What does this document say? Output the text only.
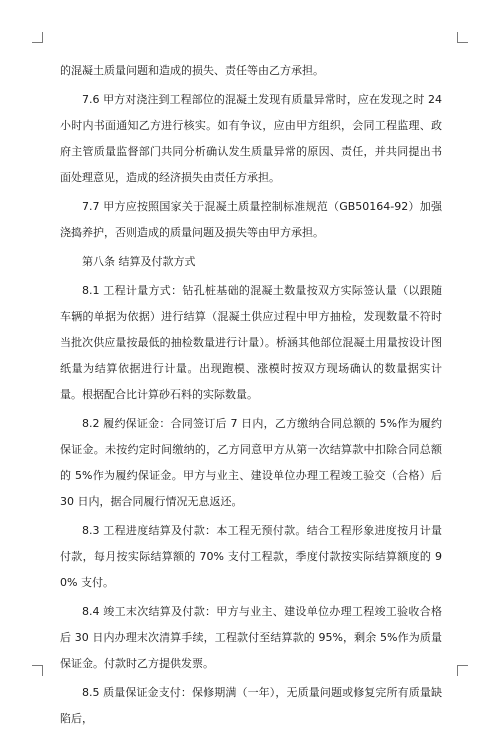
的混凝土质量问题和造成的损失、责任等由乙方承担。

7.6 甲方对浇注到工程部位的混凝土发现有质量异常时，应在发现之时 24 小时内书面通知乙方进行核实。如有争议，应由甲方组织，会同工程监理、政府主管质量监督部门共同分析确认发生质量异常的原因、责任，并共同提出书面处理意见，造成的经济损失由责任方承担。

7.7 甲方应按照国家关于混凝土质量控制标准规范（GB50164-92）加强浇捣养护，否则造成的质量问题及损失等由甲方承担。

第八条 结算及付款方式

8.1 工程计量方式：钻孔桩基础的混凝土数量按双方实际签认量（以跟随车辆的单据为依据）进行结算（混凝土供应过程中甲方抽检，发现数量不符时当批次供应量按最低的抽检数量进行计量）。桥涵其他部位混凝土用量按设计图纸量为结算依据进行计量。出现跑模、涨模时按双方现场确认的数量据实计量。根据配合比计算砂石料的实际数量。

8.2 履约保证金：合同签订后 7 日内，乙方缴纳合同总额的 5%作为履约保证金。未按约定时间缴纳的，乙方同意甲方从第一次结算款中扣除合同总额的 5%作为履约保证金。甲方与业主、建设单位办理工程竣工验交（合格）后 30 日内，据合同履行情况无息返还。

8.3 工程进度结算及付款：本工程无预付款。结合工程形象进度按月计量付款，每月按实际结算额的 70% 支付工程款，季度付款按实际结算额度的 90% 支付。

8.4 竣工末次结算及付款：甲方与业主、建设单位办理工程竣工验收合格后 30 日内办理末次清算手续，工程款付至结算款的 95%，剩余 5%作为质量保证金。付款时乙方提供发票。

8.5 质量保证金支付：保修期满（一年），无质量问题或修复完所有质量缺陷后，
